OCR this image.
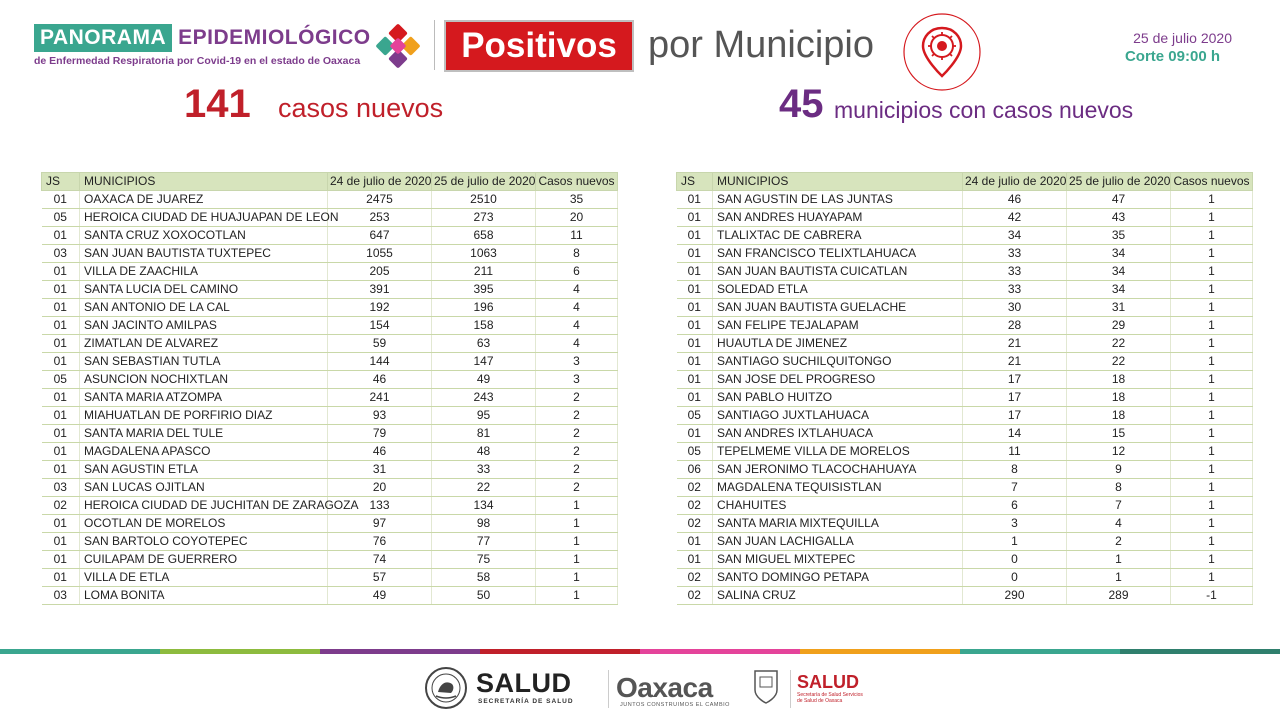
PANORAMA EPIDEMIOLÓGICO
de Enfermedad Respiratoria por Covid-19 en el estado de Oaxaca	Positivos por Municipio	25 de julio 2020
Corte 09:00 h
141 casos nuevos	45 municipios con casos nuevos
JS	MUNICIPIOS	24 de julio de 2020	25 de julio de 2020	Casos nuevos
01	OAXACA DE JUAREZ	2475	2510	35
05	HEROICA CIUDAD DE HUAJUAPAN DE LEON	253	273	20
01	SANTA CRUZ XOXOCOTLAN	647	658	11
03	SAN JUAN BAUTISTA TUXTEPEC	1055	1063	8
01	VILLA DE ZAACHILA	205	211	6
01	SANTA LUCIA DEL CAMINO	391	395	4
01	SAN ANTONIO DE LA CAL	192	196	4
01	SAN JACINTO AMILPAS	154	158	4
01	ZIMATLAN DE ALVAREZ	59	63	4
01	SAN SEBASTIAN TUTLA	144	147	3
05	ASUNCION NOCHIXTLAN	46	49	3
01	SANTA MARIA ATZOMPA	241	243	2
01	MIAHUATLAN DE PORFIRIO DIAZ	93	95	2
01	SANTA MARIA DEL TULE	79	81	2
01	MAGDALENA APASCO	46	48	2
01	SAN AGUSTIN ETLA	31	33	2
03	SAN LUCAS OJITLAN	20	22	2
02	HEROICA CIUDAD DE JUCHITAN DE ZARAGOZA	133	134	1
01	OCOTLAN DE MORELOS	97	98	1
01	SAN BARTOLO COYOTEPEC	76	77	1
01	CUILAPAM DE GUERRERO	74	75	1
01	VILLA DE ETLA	57	58	1
03	LOMA BONITA	49	50	1
JS	MUNICIPIOS	24 de julio de 2020	25 de julio de 2020	Casos nuevos
01	SAN AGUSTIN DE LAS JUNTAS	46	47	1
01	SAN ANDRES HUAYAPAM	42	43	1
01	TLALIXTAC DE CABRERA	34	35	1
01	SAN FRANCISCO TELIXTLAHUACA	33	34	1
01	SAN JUAN BAUTISTA CUICATLAN	33	34	1
01	SOLEDAD ETLA	33	34	1
01	SAN JUAN BAUTISTA GUELACHE	30	31	1
01	SAN FELIPE TEJALAPAM	28	29	1
01	HUAUTLA DE JIMENEZ	21	22	1
01	SANTIAGO SUCHILQUITONGO	21	22	1
01	SAN JOSE DEL PROGRESO	17	18	1
01	SAN PABLO HUITZO	17	18	1
05	SANTIAGO JUXTLAHUACA	17	18	1
01	SAN ANDRES IXTLAHUACA	14	15	1
05	TEPELMEME VILLA DE MORELOS	11	12	1
06	SAN JERONIMO TLACOCHAHUAYA	8	9	1
02	MAGDALENA TEQUISISTLAN	7	8	1
02	CHAHUITES	6	7	1
02	SANTA MARIA MIXTEQUILLA	3	4	1
01	SAN JUAN LACHIGALLA	1	2	1
01	SAN MIGUEL MIXTEPEC	0	1	1
02	SANTO DOMINGO PETAPA	0	1	1
02	SALINA CRUZ	290	289	-1
SALUD
SECRETARÍA DE SALUD Oaxaca
JUNTOS CONSTRUIMOS EL CAMBIO
SALUD
Secretaría de Salud Servicios de Salud de Oaxaca
